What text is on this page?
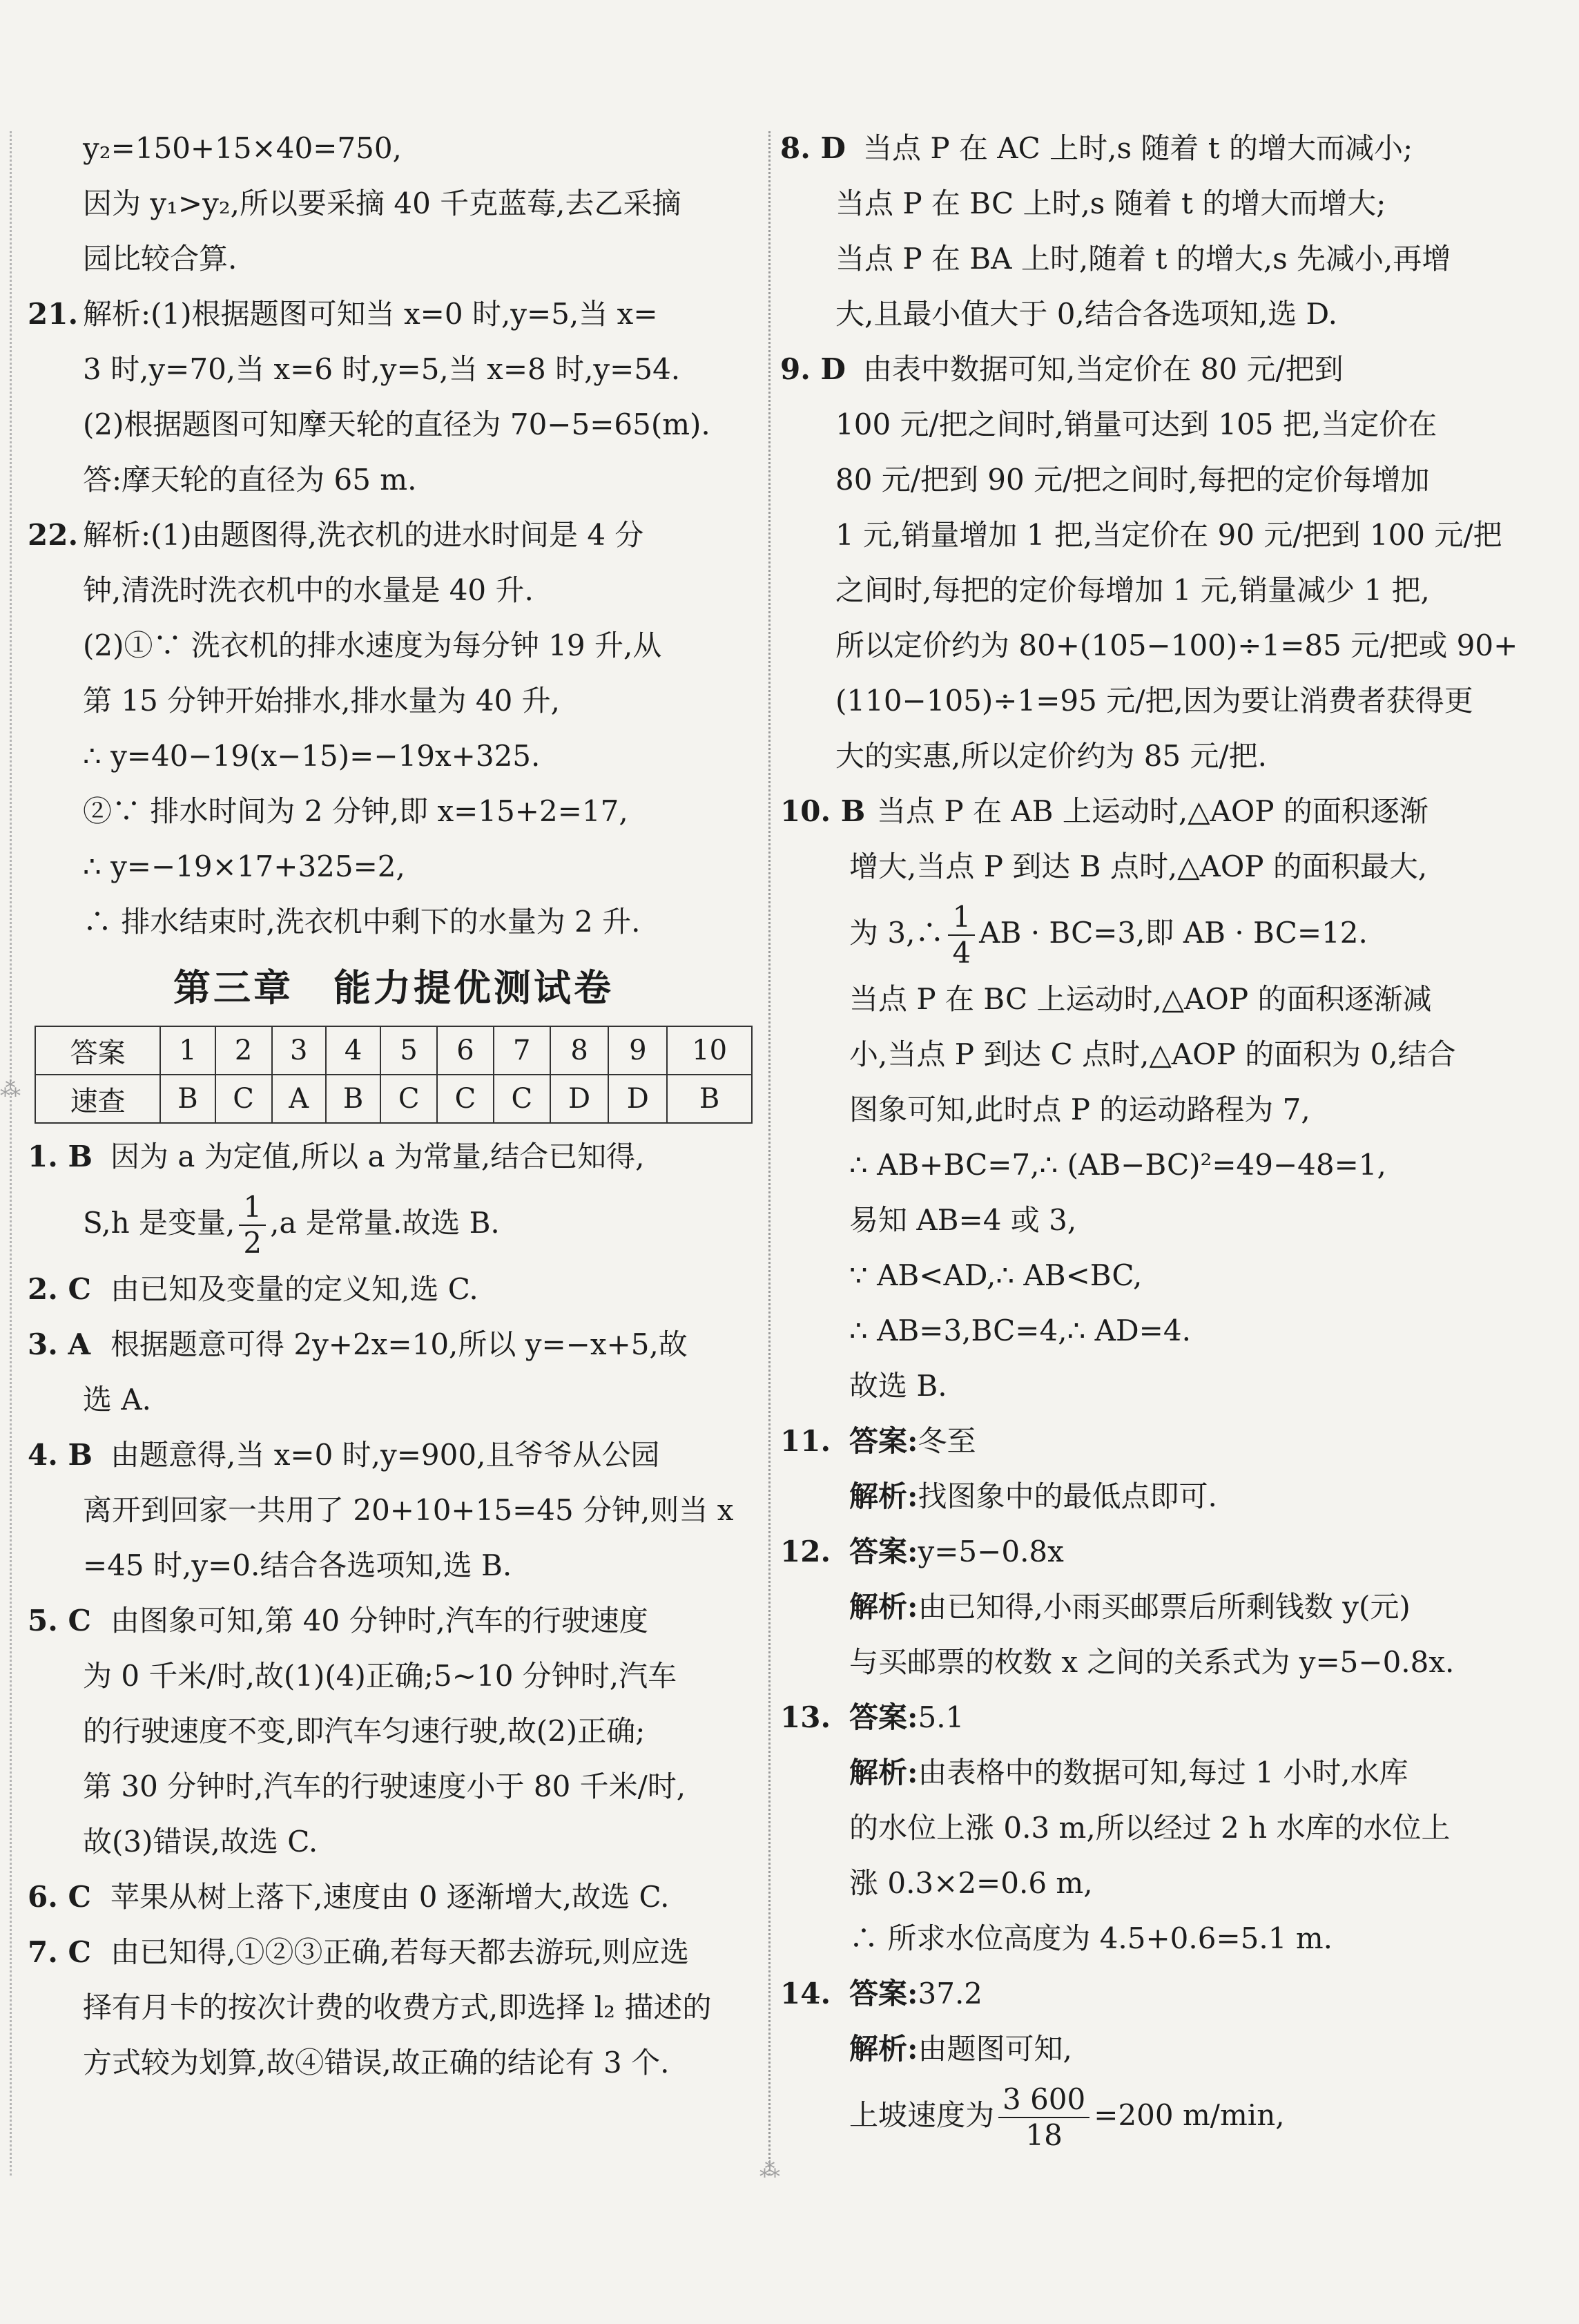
⁂
⁂
y₂=150+15×40=750,
因为 y₁>y₂,所以要采摘 40 千克蓝莓,去乙采摘
园比较合算.
21. 解析:(1)根据题图可知当 x=0 时,y=5,当 x=
3 时,y=70,当 x=6 时,y=5,当 x=8 时,y=54.
(2)根据题图可知摩天轮的直径为 70−5=65(m).
答:摩天轮的直径为 65 m.
22. 解析:(1)由题图得,洗衣机的进水时间是 4 分
钟,清洗时洗衣机中的水量是 40 升.
(2)①∵ 洗衣机的排水速度为每分钟 19 升,从
第 15 分钟开始排水,排水量为 40 升,
∴ y=40−19(x−15)=−19x+325.
②∵ 排水时间为 2 分钟,即 x=15+2=17,
∴ y=−19×17+325=2,
∴ 排水结束时,洗衣机中剩下的水量为 2 升.
第三章　能力提优测试卷
答案	1	2	3	4	5	6	7	8	9	10
速查	B	C	A	B	C	C	C	D	D	B
1. B 因为 a 为定值,所以 a 为常量,结合已知得,
S,h 是变量, $\frac{1}{2} ,a$ 是常量.故选 B.
2. C 由已知及变量的定义知,选 C.
3. A 根据题意可得 2y+2x=10,所以 y=−x+5,故
选 A.
4. B 由题意得,当 x=0 时,y=900,且爷爷从公园
离开到回家一共用了 20+10+15=45 分钟,则当 x
=45 时,y=0.结合各选项知,选 B.
5. C 由图象可知,第 40 分钟时,汽车的行驶速度
为 0 千米/时,故(1)(4)正确;5~10 分钟时,汽车
的行驶速度不变,即汽车匀速行驶,故(2)正确;
第 30 分钟时,汽车的行驶速度小于 80 千米/时,
故(3)错误,故选 C.
6. C 苹果从树上落下,速度由 0 逐渐增大,故选 C.
7. C 由已知得,①②③正确,若每天都去游玩,则应选
择有月卡的按次计费的收费方式,即选择 l₂ 描述的
方式较为划算,故④错误,故正确的结论有 3 个.
8. D 当点 P 在 AC 上时,s 随着 t 的增大而减小;
当点 P 在 BC 上时,s 随着 t 的增大而增大;
当点 P 在 BA 上时,随着 t 的增大,s 先减小,再增
大,且最小值大于 0,结合各选项知,选 D.
9. D 由表中数据可知,当定价在 80 元/把到
100 元/把之间时,销量可达到 105 把,当定价在
80 元/把到 90 元/把之间时,每把的定价每增加
1 元,销量增加 1 把,当定价在 90 元/把到 100 元/把
之间时,每把的定价每增加 1 元,销量减少 1 把,
所以定价约为 80+(105−100)÷1=85 元/把或 90+
(110−105)÷1=95 元/把,因为要让消费者获得更
大的实惠,所以定价约为 85 元/把.
10. B 当点 P 在 AB 上运动时,△AOP 的面积逐渐
增大,当点 P 到达 B 点时,△AOP 的面积最大,
为 3,∴ $\frac{1}{4}$ AB · BC=3,即 AB · BC=12.
当点 P 在 BC 上运动时,△AOP 的面积逐渐减
小,当点 P 到达 C 点时,△AOP 的面积为 0,结合
图象可知,此时点 P 的运动路程为 7,
∴ AB+BC=7,∴ (AB−BC)²=49−48=1,
易知 AB=4 或 3,
∵ AB<AD,∴ AB<BC,
∴ AB=3,BC=4,∴ AD=4.
故选 B.
11. 答案:冬至
解析:找图象中的最低点即可.
12. 答案:y=5−0.8x
解析:由已知得,小雨买邮票后所剩钱数 y(元)
与买邮票的枚数 x 之间的关系式为 y=5−0.8x.
13. 答案:5.1
解析:由表格中的数据可知,每过 1 小时,水库
的水位上涨 0.3 m,所以经过 2 h 水库的水位上
涨 0.3×2=0.6 m,
∴ 所求水位高度为 4.5+0.6=5.1 m.
14. 答案:37.2
解析:由题图可知,
上坡速度为 $\frac{3 600}{18} =200$ m/min,
